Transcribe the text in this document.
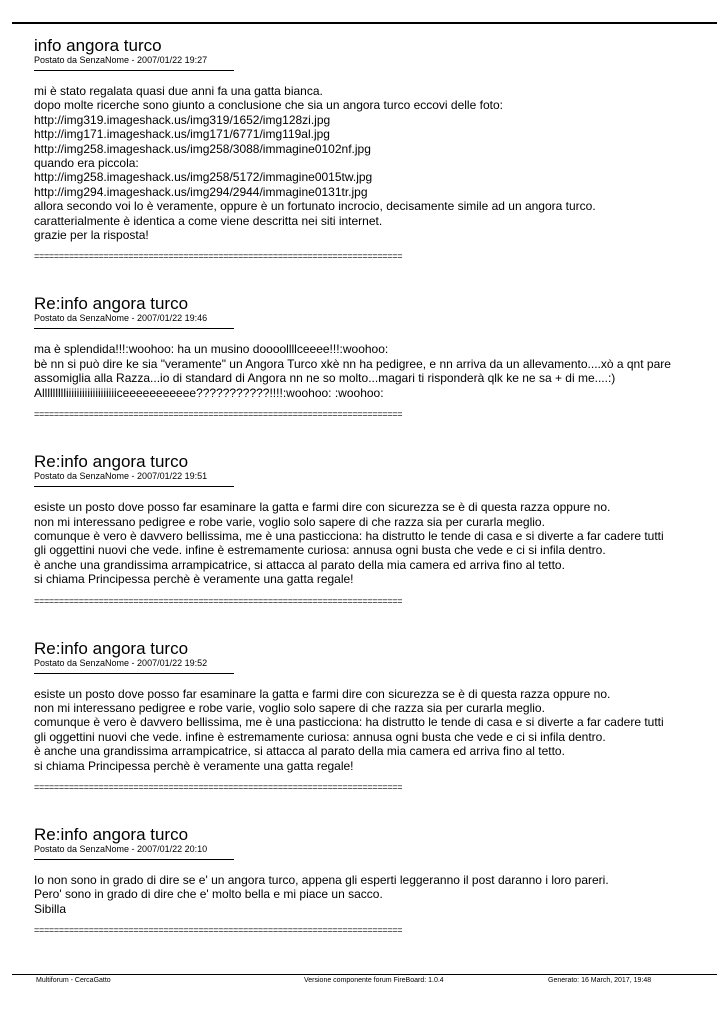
info angora turco
Postato da SenzaNome - 2007/01/22 19:27
mi è stato regalata quasi due anni fa una gatta bianca.
dopo molte ricerche sono giunto a conclusione che sia un angora turco eccovi delle foto:
http://img319.imageshack.us/img319/1652/img128zi.jpg
http://img171.imageshack.us/img171/6771/img119al.jpg
http://img258.imageshack.us/img258/3088/immagine0102nf.jpg
quando era piccola:
http://img258.imageshack.us/img258/5172/immagine0015tw.jpg
http://img294.imageshack.us/img294/2944/immagine0131tr.jpg
allora secondo voi lo è veramente, oppure è un fortunato incrocio, decisamente simile ad un angora turco.
caratterialmente è identica a come viene descritta nei siti internet.
grazie per la risposta!
==========================================================================
Re:info angora turco
Postato da SenzaNome - 2007/01/22 19:46
ma è splendida!!!:woohoo: ha un musino doooollllceeee!!!:woohoo:
bè nn si può dire ke sia "veramente" un Angora Turco xkè nn ha pedigree, e nn arriva da un allevamento....xò a qnt pare
assomiglia alla Razza...io di standard di Angora nn ne so molto...magari ti risponderà qlk ke ne sa + di me....:)
Allllllllliiiiiiiiiiiiiiiiiiiceeeeeeeeeee???????????!!!!:woohoo: :woohoo:
==========================================================================
Re:info angora turco
Postato da SenzaNome - 2007/01/22 19:51
esiste un posto dove posso far esaminare la gatta e farmi dire con sicurezza se è di questa razza oppure no.
non mi interessano pedigree e robe varie, voglio solo sapere di che razza sia per curarla meglio.
comunque è vero è davvero bellissima, me è una pasticciona: ha distrutto le tende di casa e si diverte a far cadere tutti
gli oggettini nuovi che vede. infine è estremamente curiosa: annusa ogni busta che vede e ci si infila dentro.
è anche una grandissima arrampicatrice, si attacca al parato della mia camera ed arriva fino al tetto.
si chiama Principessa perchè è veramente una gatta regale!
==========================================================================
Re:info angora turco
Postato da SenzaNome - 2007/01/22 19:52
esiste un posto dove posso far esaminare la gatta e farmi dire con sicurezza se è di questa razza oppure no.
non mi interessano pedigree e robe varie, voglio solo sapere di che razza sia per curarla meglio.
comunque è vero è davvero bellissima, me è una pasticciona: ha distrutto le tende di casa e si diverte a far cadere tutti
gli oggettini nuovi che vede. infine è estremamente curiosa: annusa ogni busta che vede e ci si infila dentro.
è anche una grandissima arrampicatrice, si attacca al parato della mia camera ed arriva fino al tetto.
si chiama Principessa perchè è veramente una gatta regale!
==========================================================================
Re:info angora turco
Postato da SenzaNome - 2007/01/22 20:10
Io non sono in grado di dire se e' un angora turco, appena gli esperti leggeranno il post daranno i loro pareri.
Pero' sono in grado di dire che e' molto bella e mi piace un sacco.
Sibilla
==========================================================================
Multiforum - CercaGatto	Versione componente forum FireBoard: 1.0.4	Generato: 16 March, 2017, 19:48
